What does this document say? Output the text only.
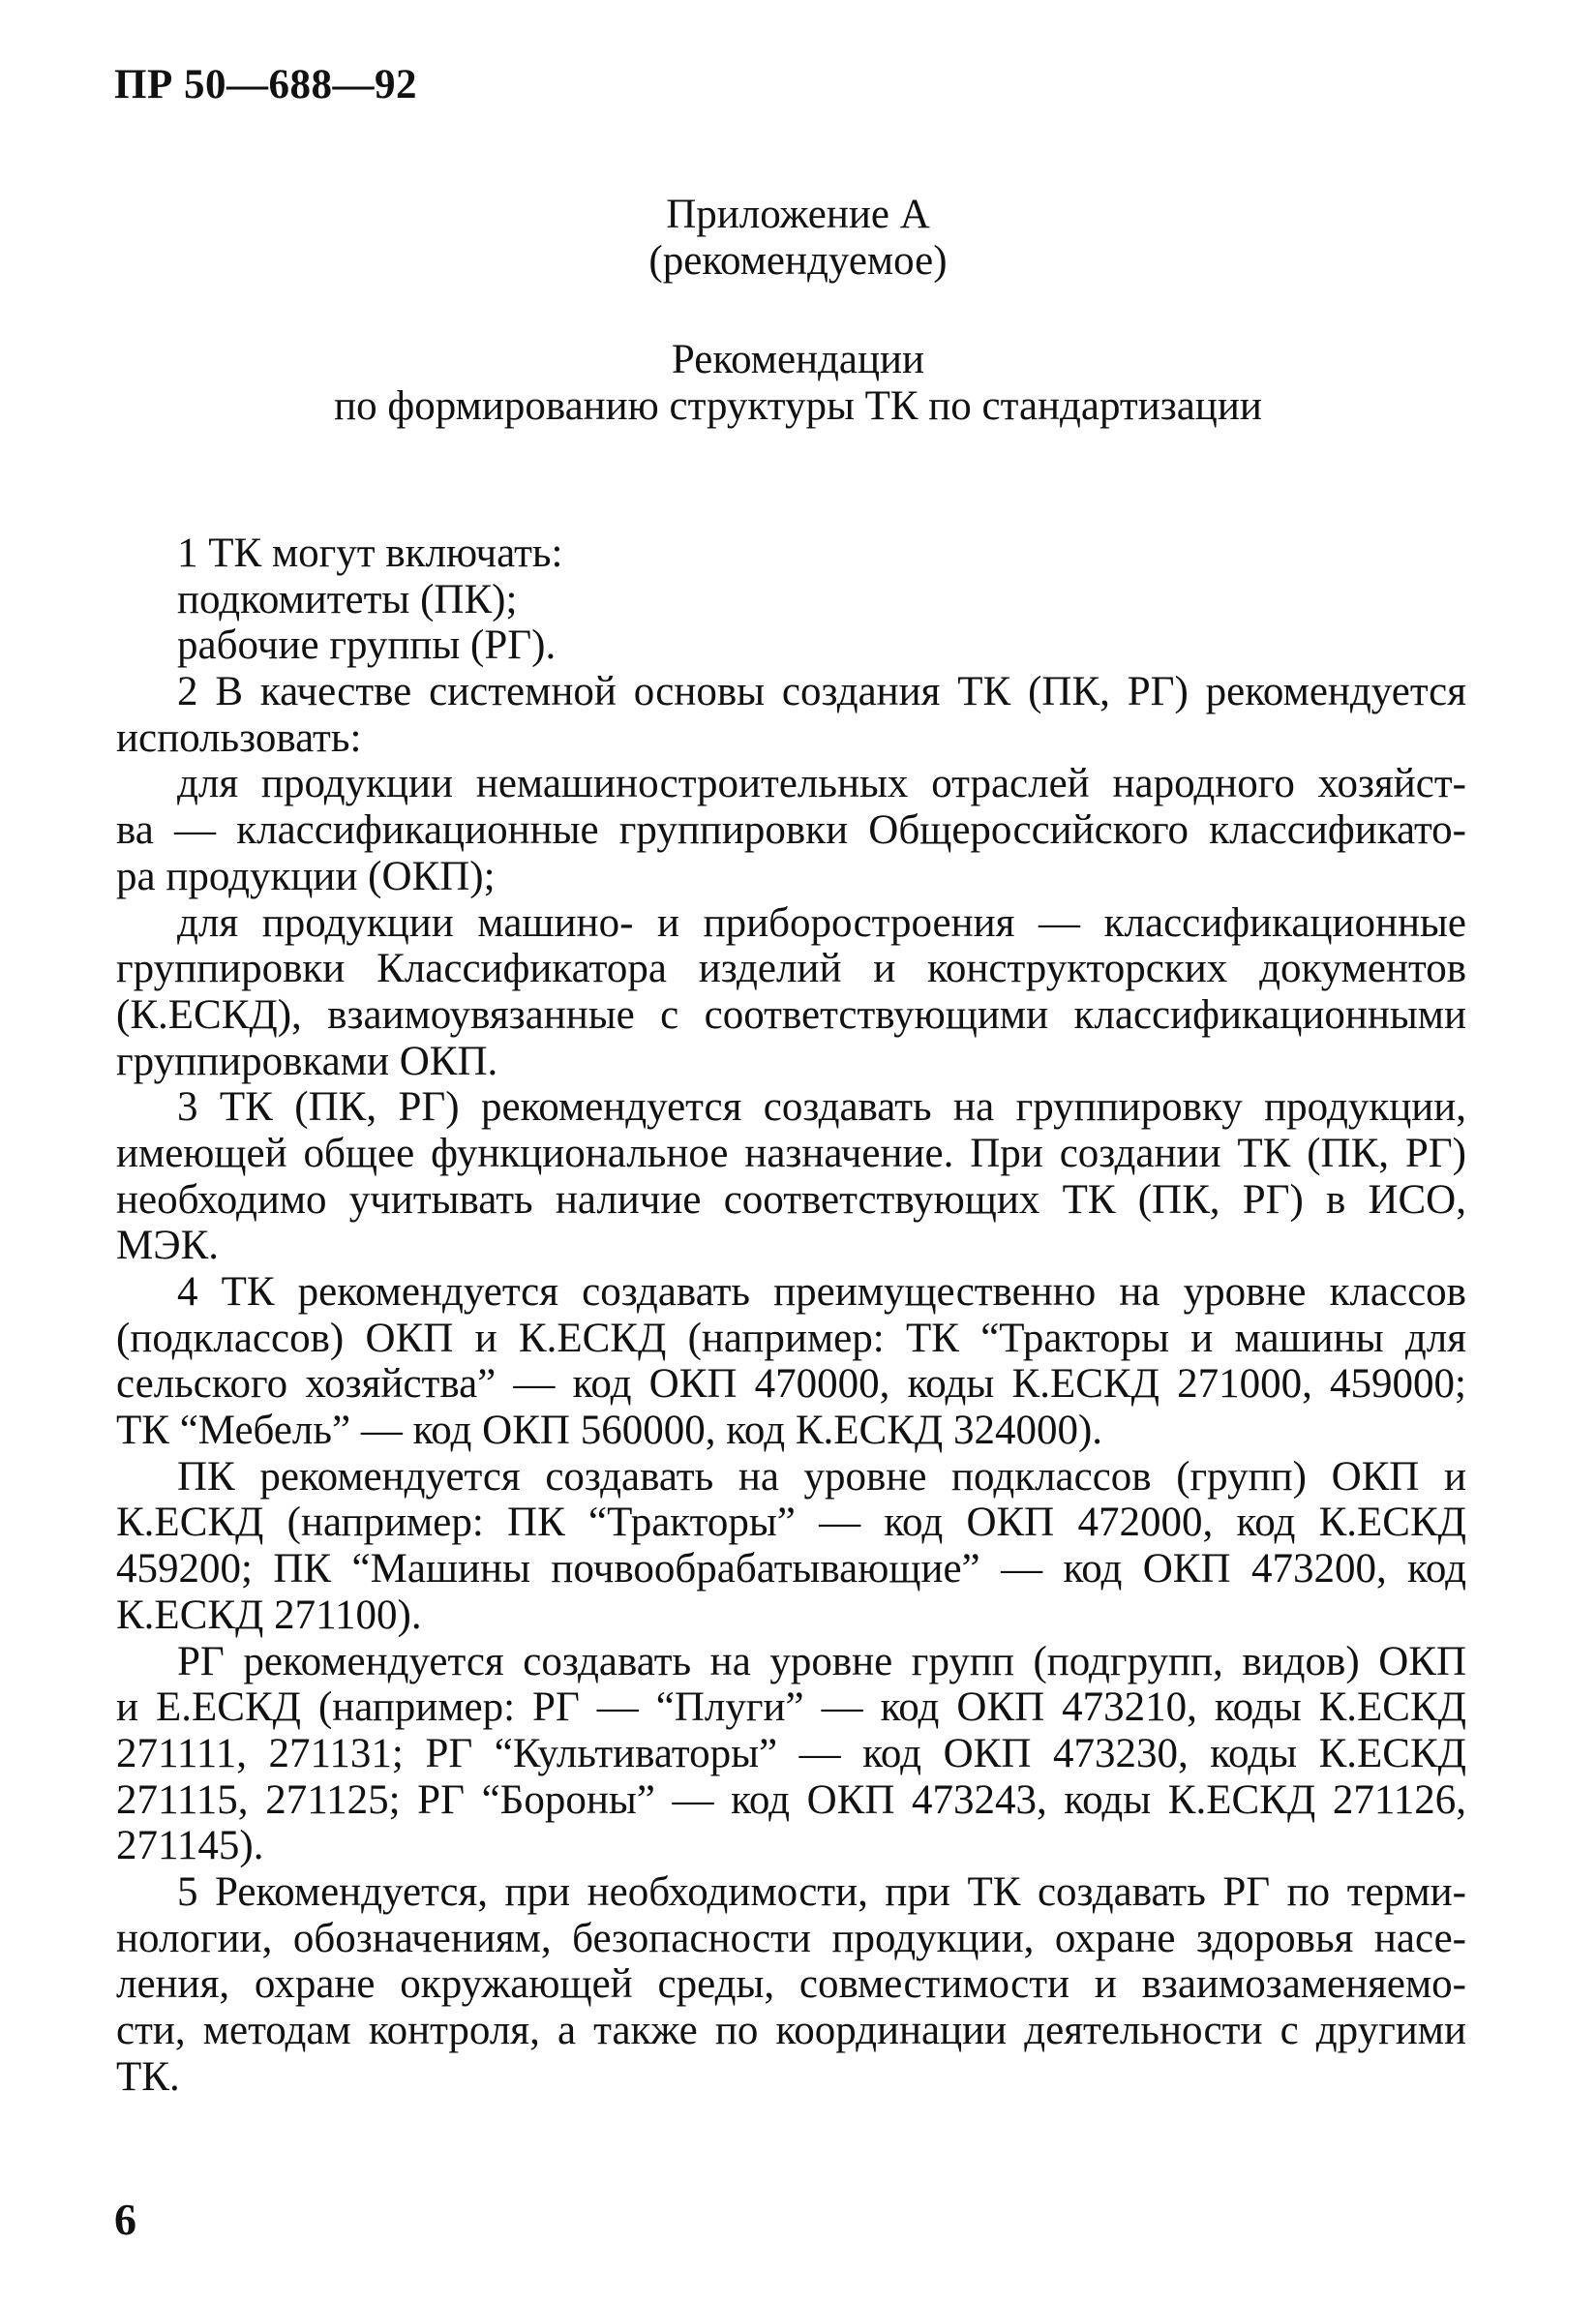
ПР 50—688—92
Приложение А
(рекомендуемое)
Рекомендации
по формированию структуры ТК по стандартизации
1 ТК могут включать:
подкомитеты (ПК);
рабочие группы (РГ).
2 В качестве системной основы создания ТК (ПК, РГ) рекомендуется
использовать:
для продукции немашиностроительных отраслей народного хозяйст-
ва — классификационные группировки Общероссийского классификато-
ра продукции (ОКП);
для продукции машино- и приборостроения — классификационные
группировки Классификатора изделий и конструкторских документов
(К.ЕСКД), взаимоувязанные с соответствующими классификационными
группировками ОКП.
3 ТК (ПК, РГ) рекомендуется создавать на группировку продукции,
имеющей общее функциональное назначение. При создании ТК (ПК, РГ)
необходимо учитывать наличие соответствующих ТК (ПК, РГ) в ИСО,
МЭК.
4 ТК рекомендуется создавать преимущественно на уровне классов
(подклассов) ОКП и К.ЕСКД (например: ТК “Тракторы и машины для
сельского хозяйства” — код ОКП 470000, коды К.ЕСКД 271000, 459000;
ТК “Мебель” — код ОКП 560000, код К.ЕСКД 324000).
ПК рекомендуется создавать на уровне подклассов (групп) ОКП и
К.ЕСКД (например: ПК “Тракторы” — код ОКП 472000, код К.ЕСКД
459200; ПК “Машины почвообрабатывающие” — код ОКП 473200, код
К.ЕСКД 271100).
РГ рекомендуется создавать на уровне групп (подгрупп, видов) ОКП
и Е.ЕСКД (например: РГ — “Плуги” — код ОКП 473210, коды К.ЕСКД
271111, 271131; РГ “Культиваторы” — код ОКП 473230, коды К.ЕСКД
271115, 271125; РГ “Бороны” — код ОКП 473243, коды К.ЕСКД 271126,
271145).
5 Рекомендуется, при необходимости, при ТК создавать РГ по терми-
нологии, обозначениям, безопасности продукции, охране здоровья насе-
ления, охране окружающей среды, совместимости и взаимозаменяемо-
сти, методам контроля, а также по координации деятельности с другими
ТК.
6
